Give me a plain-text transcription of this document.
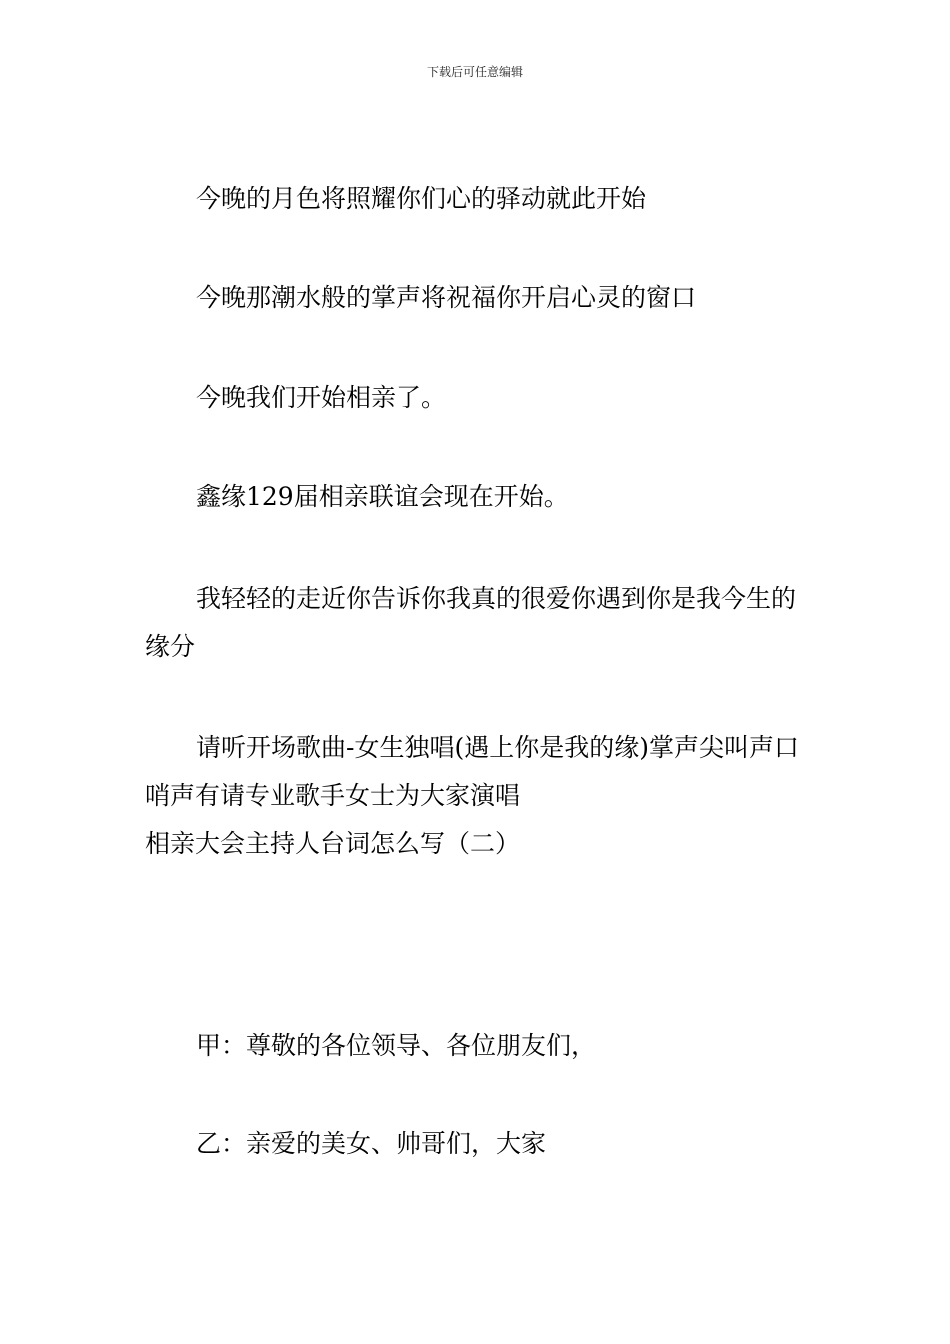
下载后可任意编辑

今晚的月色将照耀你们心的驿动就此开始

今晚那潮水般的掌声将祝福你开启心灵的窗口

今晚我们开始相亲了。

鑫缘129届相亲联谊会现在开始。

我轻轻的走近你告诉你我真的很爱你遇到你是我今生的缘分

请听开场歌曲-女生独唱(遇上你是我的缘)掌声尖叫声口哨声有请专业歌手女士为大家演唱

相亲大会主持人台词怎么写（二）

甲：尊敬的各位领导、各位朋友们，

乙：亲爱的美女、帅哥们，大家
